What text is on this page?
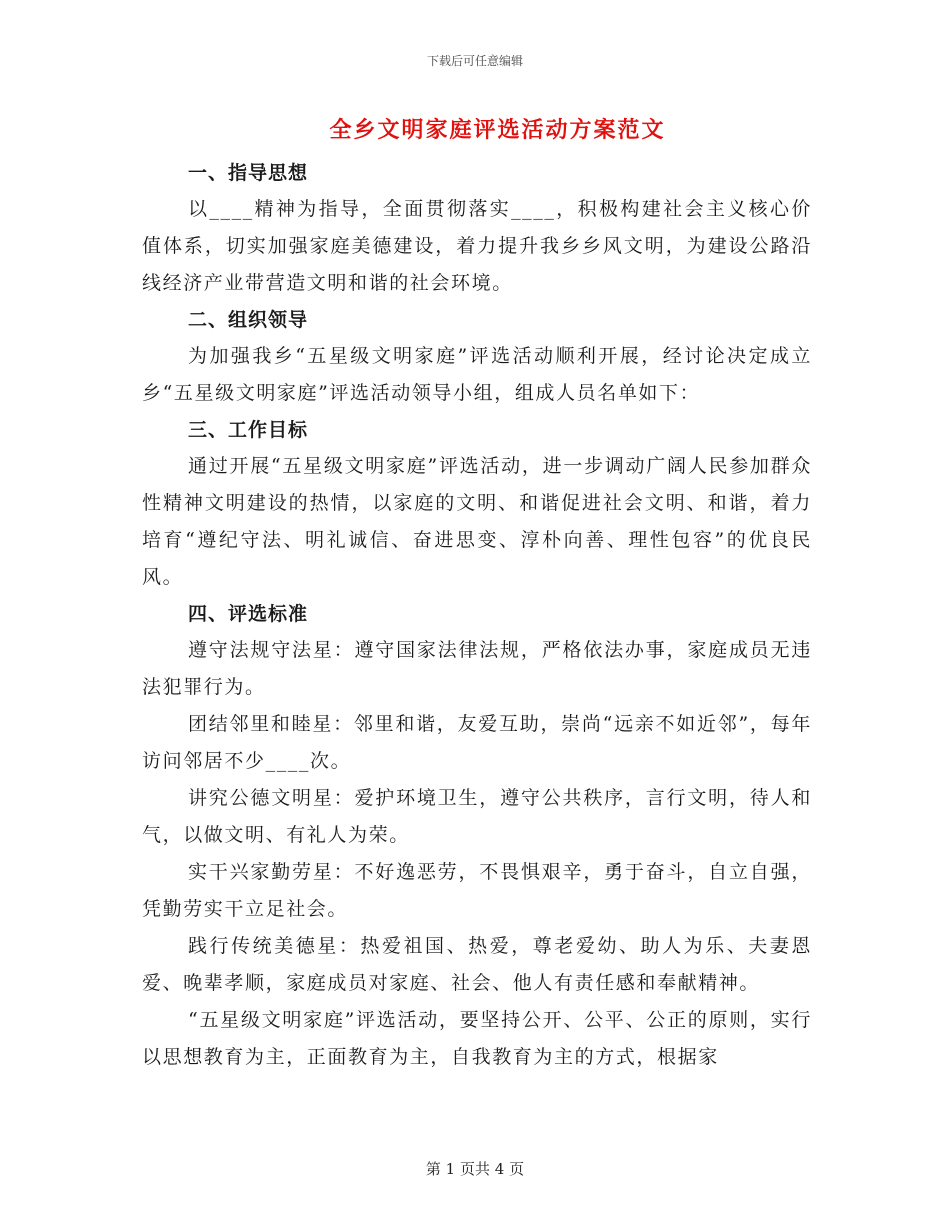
下载后可任意编辑
全乡文明家庭评选活动方案范文

一、指导思想

以____精神为指导，全面贯彻落实____，积极构建社会主义核心价值体系，切实加强家庭美德建设，着力提升我乡乡风文明，为建设公路沿线经济产业带营造文明和谐的社会环境。

二、组织领导

为加强我乡“五星级文明家庭”评选活动顺利开展，经讨论决定成立乡“五星级文明家庭”评选活动领导小组，组成人员名单如下：

三、工作目标

通过开展“五星级文明家庭”评选活动，进一步调动广阔人民参加群众性精神文明建设的热情，以家庭的文明、和谐促进社会文明、和谐，着力培育“遵纪守法、明礼诚信、奋进思变、淳朴向善、理性包容”的优良民风。

四、评选标准

遵守法规守法星：遵守国家法律法规，严格依法办事，家庭成员无违法犯罪行为。

团结邻里和睦星：邻里和谐，友爱互助，崇尚“远亲不如近邻”，每年访问邻居不少____次。

讲究公德文明星：爱护环境卫生，遵守公共秩序，言行文明，待人和气，以做文明、有礼人为荣。

实干兴家勤劳星：不好逸恶劳，不畏惧艰辛，勇于奋斗，自立自强，凭勤劳实干立足社会。

践行传统美德星：热爱祖国、热爱，尊老爱幼、助人为乐、夫妻恩爱、晚辈孝顺，家庭成员对家庭、社会、他人有责任感和奉献精神。

“五星级文明家庭”评选活动，要坚持公开、公平、公正的原则，实行以思想教育为主，正面教育为主，自我教育为主的方式，根据家

第 1 页共 4 页
